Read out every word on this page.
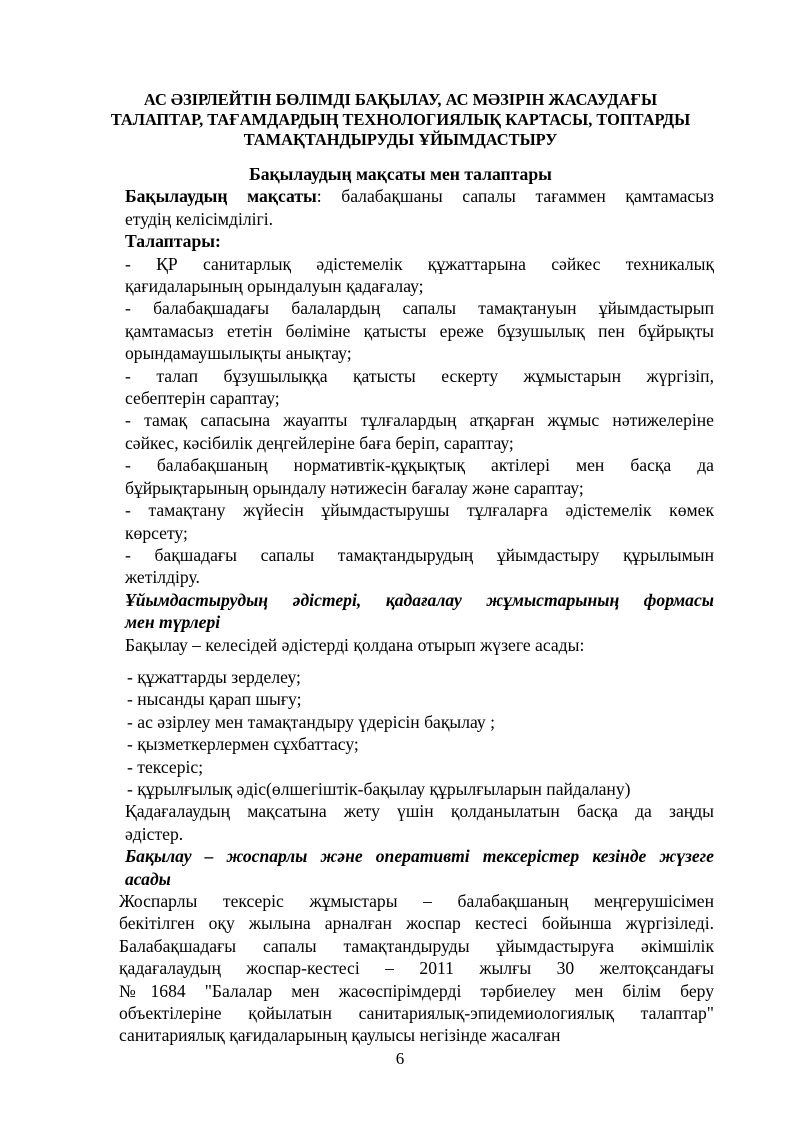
АС ӘЗІРЛЕЙТІН БӨЛІМДІ БАҚЫЛАУ, АС МӘЗІРІН ЖАСАУДАҒЫ
ТАЛАПТАР, ТАҒАМДАРДЫҢ ТЕХНОЛОГИЯЛЫҚ КАРТАСЫ, ТОПТАРДЫ
ТАМАҚТАНДЫРУДЫ ҰЙЫМДАСТЫРУ

Бақылаудың мақсаты мен талаптары

Бақылаудың мақсаты: балабақшаны сапалы тағаммен қамтамасыз
етудің келісімділігі.

Талаптары:

- ҚР санитарлық әдістемелік құжаттарына сәйкес техникалық
қағидаларының орындалуын қадағалау;

- балабақшадағы балалардың сапалы тамақтануын ұйымдастырып
қамтамасыз ететін бөліміне қатысты ереже бұзушылық пен бұйрықты
орындамаушылықты анықтау;

- талап бұзушылыққа қатысты ескерту жұмыстарын жүргізіп,
себептерін сараптау;

- тамақ сапасына жауапты тұлғалардың атқарған жұмыс нәтижелеріне
сәйкес, кәсібилік деңгейлеріне баға беріп, сараптау;

- балабақшаның нормативтік-құқықтық актілері мен басқа да
бұйрықтарының орындалу нәтижесін бағалау және сараптау;

- тамақтану жүйесін ұйымдастырушы тұлғаларға әдістемелік көмек
көрсету;

- бақшадағы сапалы тамақтандырудың ұйымдастыру құрылымын
жетілдіру.

Ұйымдастырудың әдістері, қадағалау жұмыстарының формасы
мен түрлері

Бақылау – келесідей әдістерді қолдана отырып жүзеге асады:

- құжаттарды зерделеу;

- нысанды қарап шығу;

- ас әзірлеу мен тамақтандыру үдерісін бақылау ;

- қызметкерлермен сұхбаттасу;

- тексеріс;

- құрылғылық әдіс(өлшегіштік-бақылау құрылғыларын пайдалану)

Қадағалаудың мақсатына жету үшін қолданылатын басқа да заңды
әдістер.

Бақылау – жоспарлы және оперативті тексерістер кезінде жүзеге
асады

Жоспарлы тексеріс жұмыстары – балабақшаның меңгерушісімен
бекітілген оқу жылына арналған жоспар кестесі бойынша жүргізіледі.
Балабақшадағы сапалы тамақтандыруды ұйымдастыруға әкімшілік
қадағалаудың жоспар-кестесі – 2011 жылғы 30 желтоқсандағы
№1684 "Балалар мен жасөспірімдерді тәрбиелеу мен білім беру
объектілеріне қойылатын санитариялық-эпидемиологиялық талаптар"
санитариялық қағидаларының қаулысы негізінде жасалған

6
